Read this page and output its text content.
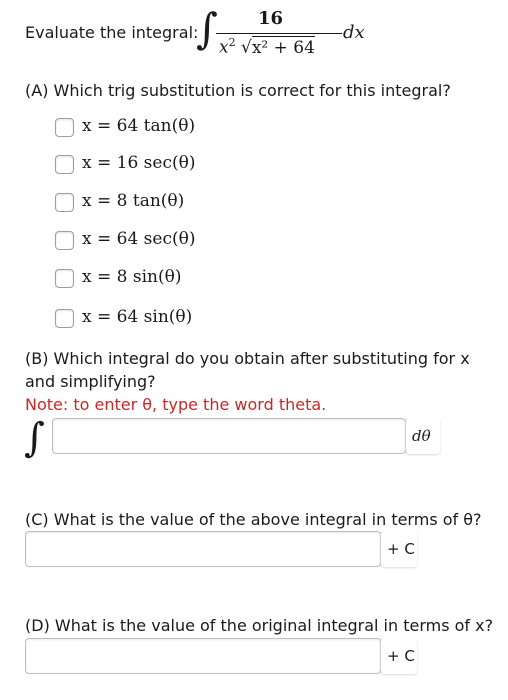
Evaluate the integral:
∫ 16
$x^2$ √x² + 64
dx
(A) Which trig substitution is correct for this integral?
x = 64 tan(θ)
x = 16 sec(θ)
x = 8 tan(θ)
x = 64 sec(θ)
x = 8 sin(θ)
x = 64 sin(θ)
(B) Which integral do you obtain after substituting for x
and simplifying?
Note: to enter θ, type the word theta.
∫	dθ
(C) What is the value of the above integral in terms of θ?
+ C
(D) What is the value of the original integral in terms of x?
+ C
